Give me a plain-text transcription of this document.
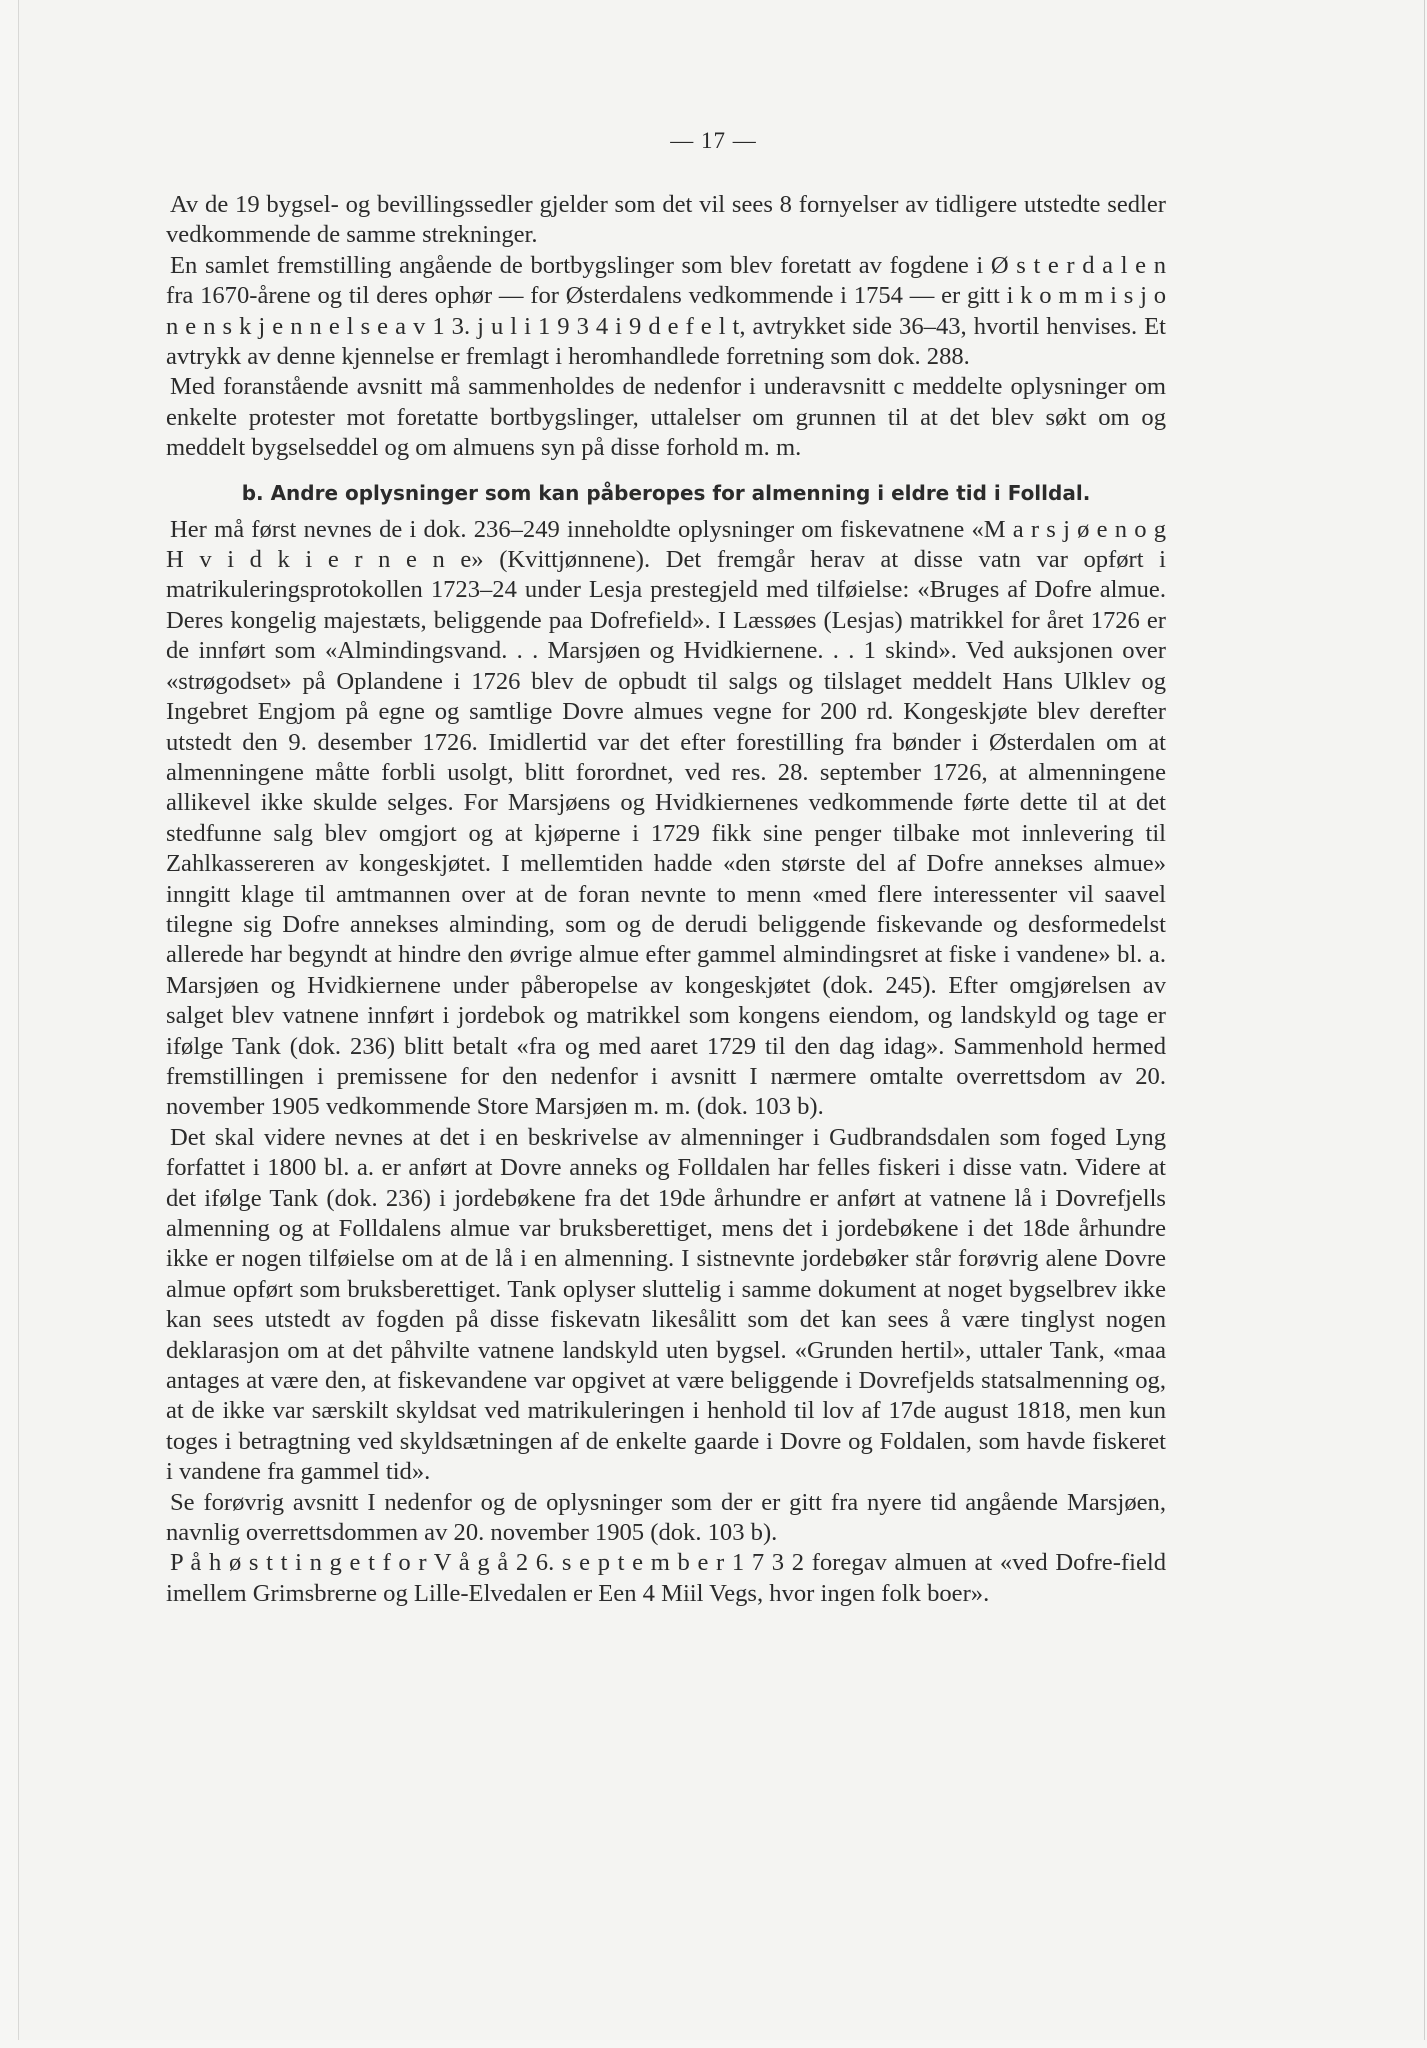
— 17 —

Av de 19 bygsel- og bevillingssedler gjelder som det vil sees 8 fornyelser av tidligere utstedte sedler vedkommende de samme strekninger.

En samlet fremstilling angående de bortbygslinger som blev foretatt av fogdene i Ø s t e r d a l e n fra 1670-årene og til deres ophør — for Østerdalens vedkommende i 1754 — er gitt i k o m m i s j o n e n s k j e n n e l s e a v 1 3. j u l i 1 9 3 4 i 9 d e f e l t, avtrykket side 36–43, hvortil henvises. Et avtrykk av denne kjennelse er fremlagt i heromhandlede forretning som dok. 288.

Med foranstående avsnitt må sammenholdes de nedenfor i underavsnitt c meddelte oplysninger om enkelte protester mot foretatte bortbygslinger, uttalelser om grunnen til at det blev søkt om og meddelt bygselseddel og om almuens syn på disse forhold m. m.

b. Andre oplysninger som kan påberopes for almenning i eldre tid i Folldal.

Her må først nevnes de i dok. 236–249 inneholdte oplysninger om fiskevatnene «M a r s j ø e n o g H v i d k i e r n e n e» (Kvittjønnene). Det fremgår herav at disse vatn var opført i matrikuleringsprotokollen 1723–24 under Lesja prestegjeld med tilføielse: «Bruges af Dofre almue. Deres kongelig majestæts, beliggende paa Dofrefield». I Læssøes (Lesjas) matrikkel for året 1726 er de innført som «Almindingsvand. . . Marsjøen og Hvidkiernene. . . 1 skind». Ved auksjonen over «strøgodset» på Oplandene i 1726 blev de opbudt til salgs og tilslaget meddelt Hans Ulklev og Ingebret Engjom på egne og samtlige Dovre almues vegne for 200 rd. Kongeskjøte blev derefter utstedt den 9. desember 1726. Imidlertid var det efter forestilling fra bønder i Østerdalen om at almenningene måtte forbli usolgt, blitt forordnet, ved res. 28. september 1726, at almenningene allikevel ikke skulde selges. For Marsjøens og Hvidkiernenes vedkommende førte dette til at det stedfunne salg blev omgjort og at kjøperne i 1729 fikk sine penger tilbake mot innlevering til Zahlkassereren av kongeskjøtet. I mellemtiden hadde «den største del af Dofre annekses almue» inngitt klage til amtmannen over at de foran nevnte to menn «med flere interessenter vil saavel tilegne sig Dofre annekses alminding, som og de derudi beliggende fiskevande og desformedelst allerede har begyndt at hindre den øvrige almue efter gammel almindingsret at fiske i vandene» bl. a. Marsjøen og Hvidkiernene under påberopelse av kongeskjøtet (dok. 245). Efter omgjørelsen av salget blev vatnene innført i jordebok og matrikkel som kongens eiendom, og landskyld og tage er ifølge Tank (dok. 236) blitt betalt «fra og med aaret 1729 til den dag idag». Sammenhold hermed fremstillingen i premissene for den nedenfor i avsnitt I nærmere omtalte overrettsdom av 20. november 1905 vedkommende Store Marsjøen m. m. (dok. 103 b).

Det skal videre nevnes at det i en beskrivelse av almenninger i Gudbrandsdalen som foged Lyng forfattet i 1800 bl. a. er anført at Dovre anneks og Folldalen har felles fiskeri i disse vatn. Videre at det ifølge Tank (dok. 236) i jordebøkene fra det 19de århundre er anført at vatnene lå i Dovrefjells almenning og at Folldalens almue var bruksberettiget, mens det i jordebøkene i det 18de århundre ikke er nogen tilføielse om at de lå i en almenning. I sistnevnte jordebøker står forøvrig alene Dovre almue opført som bruksberettiget. Tank oplyser sluttelig i samme dokument at noget bygselbrev ikke kan sees utstedt av fogden på disse fiskevatn likesålitt som det kan sees å være tinglyst nogen deklarasjon om at det påhvilte vatnene landskyld uten bygsel. «Grunden hertil», uttaler Tank, «maa antages at være den, at fiskevandene var opgivet at være beliggende i Dovrefjelds statsalmenning og, at de ikke var særskilt skyldsat ved matrikuleringen i henhold til lov af 17de august 1818, men kun toges i betragtning ved skyldsætningen af de enkelte gaarde i Dovre og Foldalen, som havde fiskeret i vandene fra gammel tid».

Se forøvrig avsnitt I nedenfor og de oplysninger som der er gitt fra nyere tid angående Marsjøen, navnlig overrettsdommen av 20. november 1905 (dok. 103 b).

P å h ø s t t i n g e t f o r V å g å 2 6. s e p t e m b e r 1 7 3 2 foregav almuen at «ved Dofre-field imellem Grimsbrerne og Lille-Elvedalen er Een 4 Miil Vegs, hvor ingen folk boer».
